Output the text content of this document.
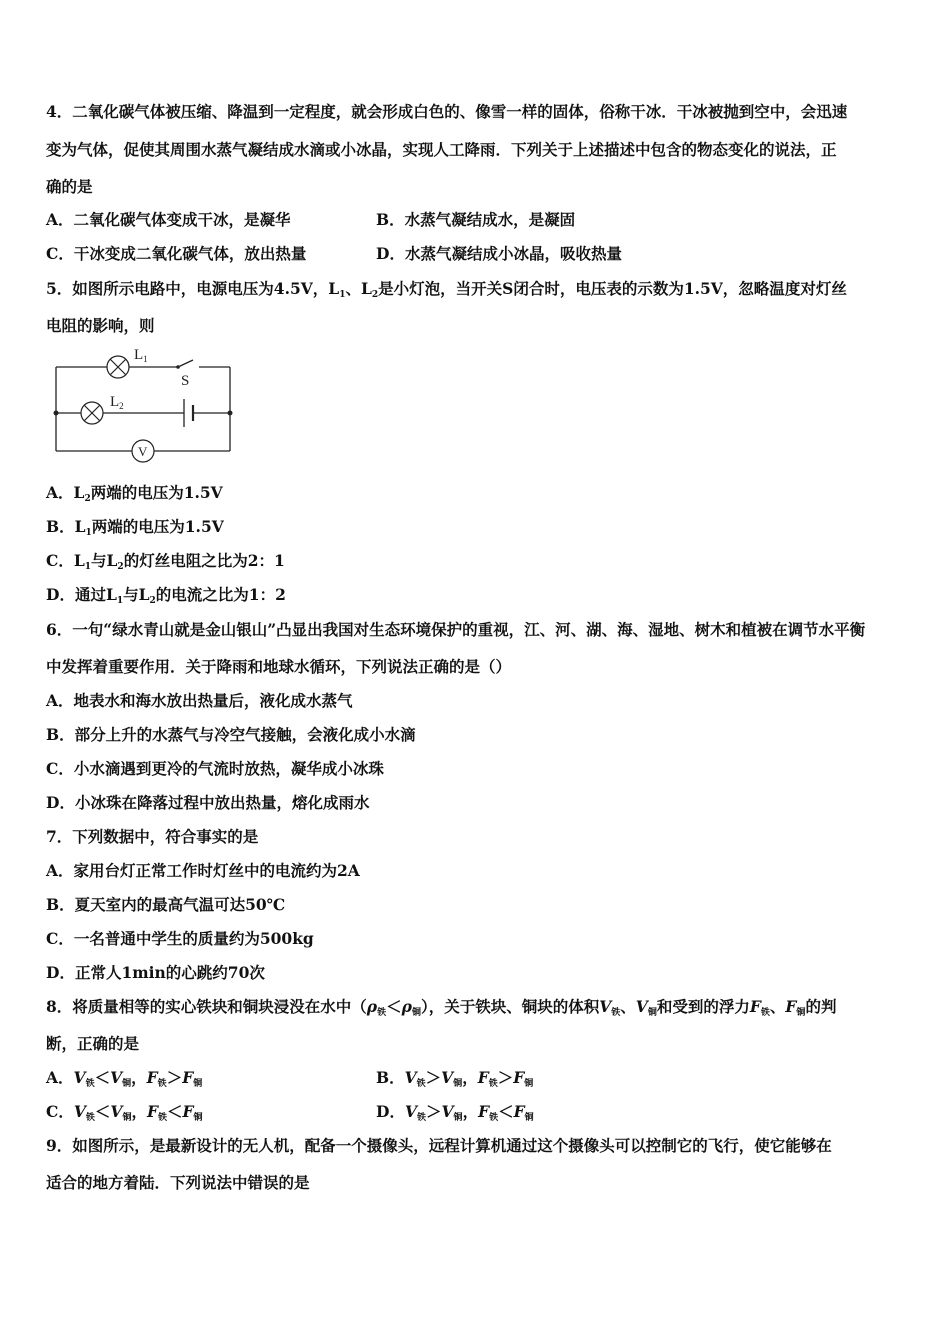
4．二氧化碳气体被压缩、降温到一定程度，就会形成白色的、像雪一样的固体，俗称干冰．干冰被抛到空中，会迅速
变为气体，促使其周围水蒸气凝结成水滴或小冰晶，实现人工降雨．下列关于上述描述中包含的物态变化的说法，正
确的是
A．二氧化碳气体变成干冰，是凝华	B．水蒸气凝结成水，是凝固
C．干冰变成二氧化碳气体，放出热量	D．水蒸气凝结成小冰晶，吸收热量
5．如图所示电路中，电源电压为4.5V，$L_1$、$L_2$是小灯泡，当开关S闭合时，电压表的示数为1.5V，忽略温度对灯丝
电阻的影响，则
$L_1$
$L_2$
S
V
A．$L_2$两端的电压为1.5V
B．$L_1$两端的电压为1.5V
C．$L_1$与$L_2$的灯丝电阻之比为2：1
D．通过$L_1$与$L_2$的电流之比为1：2
6．一句“绿水青山就是金山银山”凸显出我国对生态环境保护的重视，江、河、湖、海、湿地、树木和植被在调节水平衡
中发挥着重要作用．关于降雨和地球水循环，下列说法正确的是（）
A．地表水和海水放出热量后，液化成水蒸气
B．部分上升的水蒸气与冷空气接触，会液化成小水滴
C．小水滴遇到更冷的气流时放热，凝华成小冰珠
D．小冰珠在降落过程中放出热量，熔化成雨水
7．下列数据中，符合事实的是
A．家用台灯正常工作时灯丝中的电流约为2A
B．夏天室内的最高气温可达50℃
C．一名普通中学生的质量约为500kg
D．正常人1min的心跳约70次
8．将质量相等的实心铁块和铜块浸没在水中（ρ铁＜ρ铜），关于铁块、铜块的体积V铁、V铜和受到的浮力F铁、F铜的判
断，正确的是
A．V铁＜V铜，F铁＞F铜	B．V铁＞V铜，F铁＞F铜
C．V铁＜V铜，F铁＜F铜	D．V铁＞V铜，F铁＜F铜
9．如图所示，是最新设计的无人机，配备一个摄像头，远程计算机通过这个摄像头可以控制它的飞行，使它能够在
适合的地方着陆．下列说法中错误的是
